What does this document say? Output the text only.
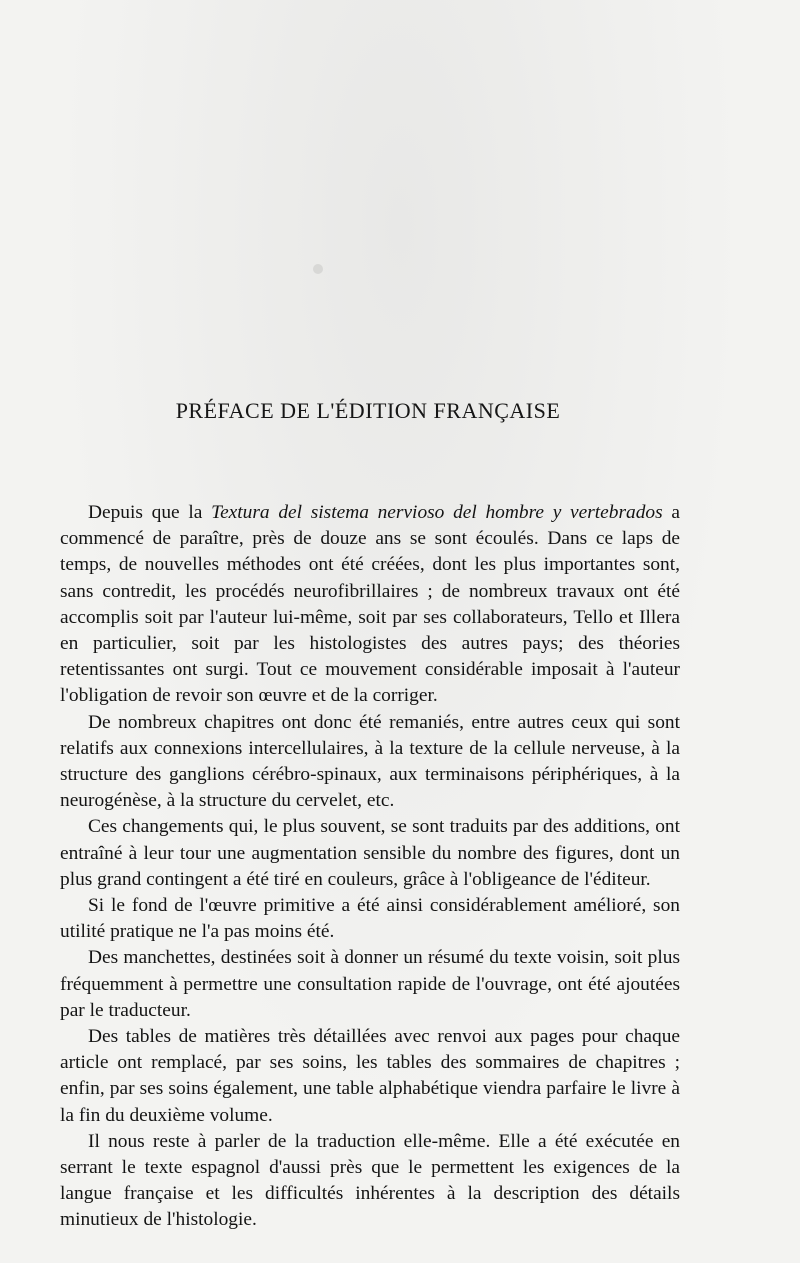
PRÉFACE DE L'ÉDITION FRANÇAISE

Depuis que la Textura del sistema nervioso del hombre y vertebrados a commencé de paraître, près de douze ans se sont écoulés. Dans ce laps de temps, de nouvelles méthodes ont été créées, dont les plus importantes sont, sans contredit, les procédés neurofibrillaires ; de nombreux travaux ont été accomplis soit par l'auteur lui-même, soit par ses collaborateurs, Tello et Illera en particulier, soit par les histologistes des autres pays; des théories retentissantes ont surgi. Tout ce mouvement considérable imposait à l'auteur l'obligation de revoir son œuvre et de la corriger.

De nombreux chapitres ont donc été remaniés, entre autres ceux qui sont relatifs aux connexions intercellulaires, à la texture de la cellule nerveuse, à la structure des ganglions cérébro-spinaux, aux terminaisons périphériques, à la neurogénèse, à la structure du cervelet, etc.

Ces changements qui, le plus souvent, se sont traduits par des additions, ont entraîné à leur tour une augmentation sensible du nombre des figures, dont un plus grand contingent a été tiré en couleurs, grâce à l'obligeance de l'éditeur.

Si le fond de l'œuvre primitive a été ainsi considérablement amélioré, son utilité pratique ne l'a pas moins été.

Des manchettes, destinées soit à donner un résumé du texte voisin, soit plus fréquemment à permettre une consultation rapide de l'ouvrage, ont été ajoutées par le traducteur.

Des tables de matières très détaillées avec renvoi aux pages pour chaque article ont remplacé, par ses soins, les tables des sommaires de chapitres ; enfin, par ses soins également, une table alphabétique viendra parfaire le livre à la fin du deuxième volume.

Il nous reste à parler de la traduction elle-même. Elle a été exécutée en serrant le texte espagnol d'aussi près que le permettent les exigences de la langue française et les difficultés inhérentes à la description des détails minutieux de l'histologie.
